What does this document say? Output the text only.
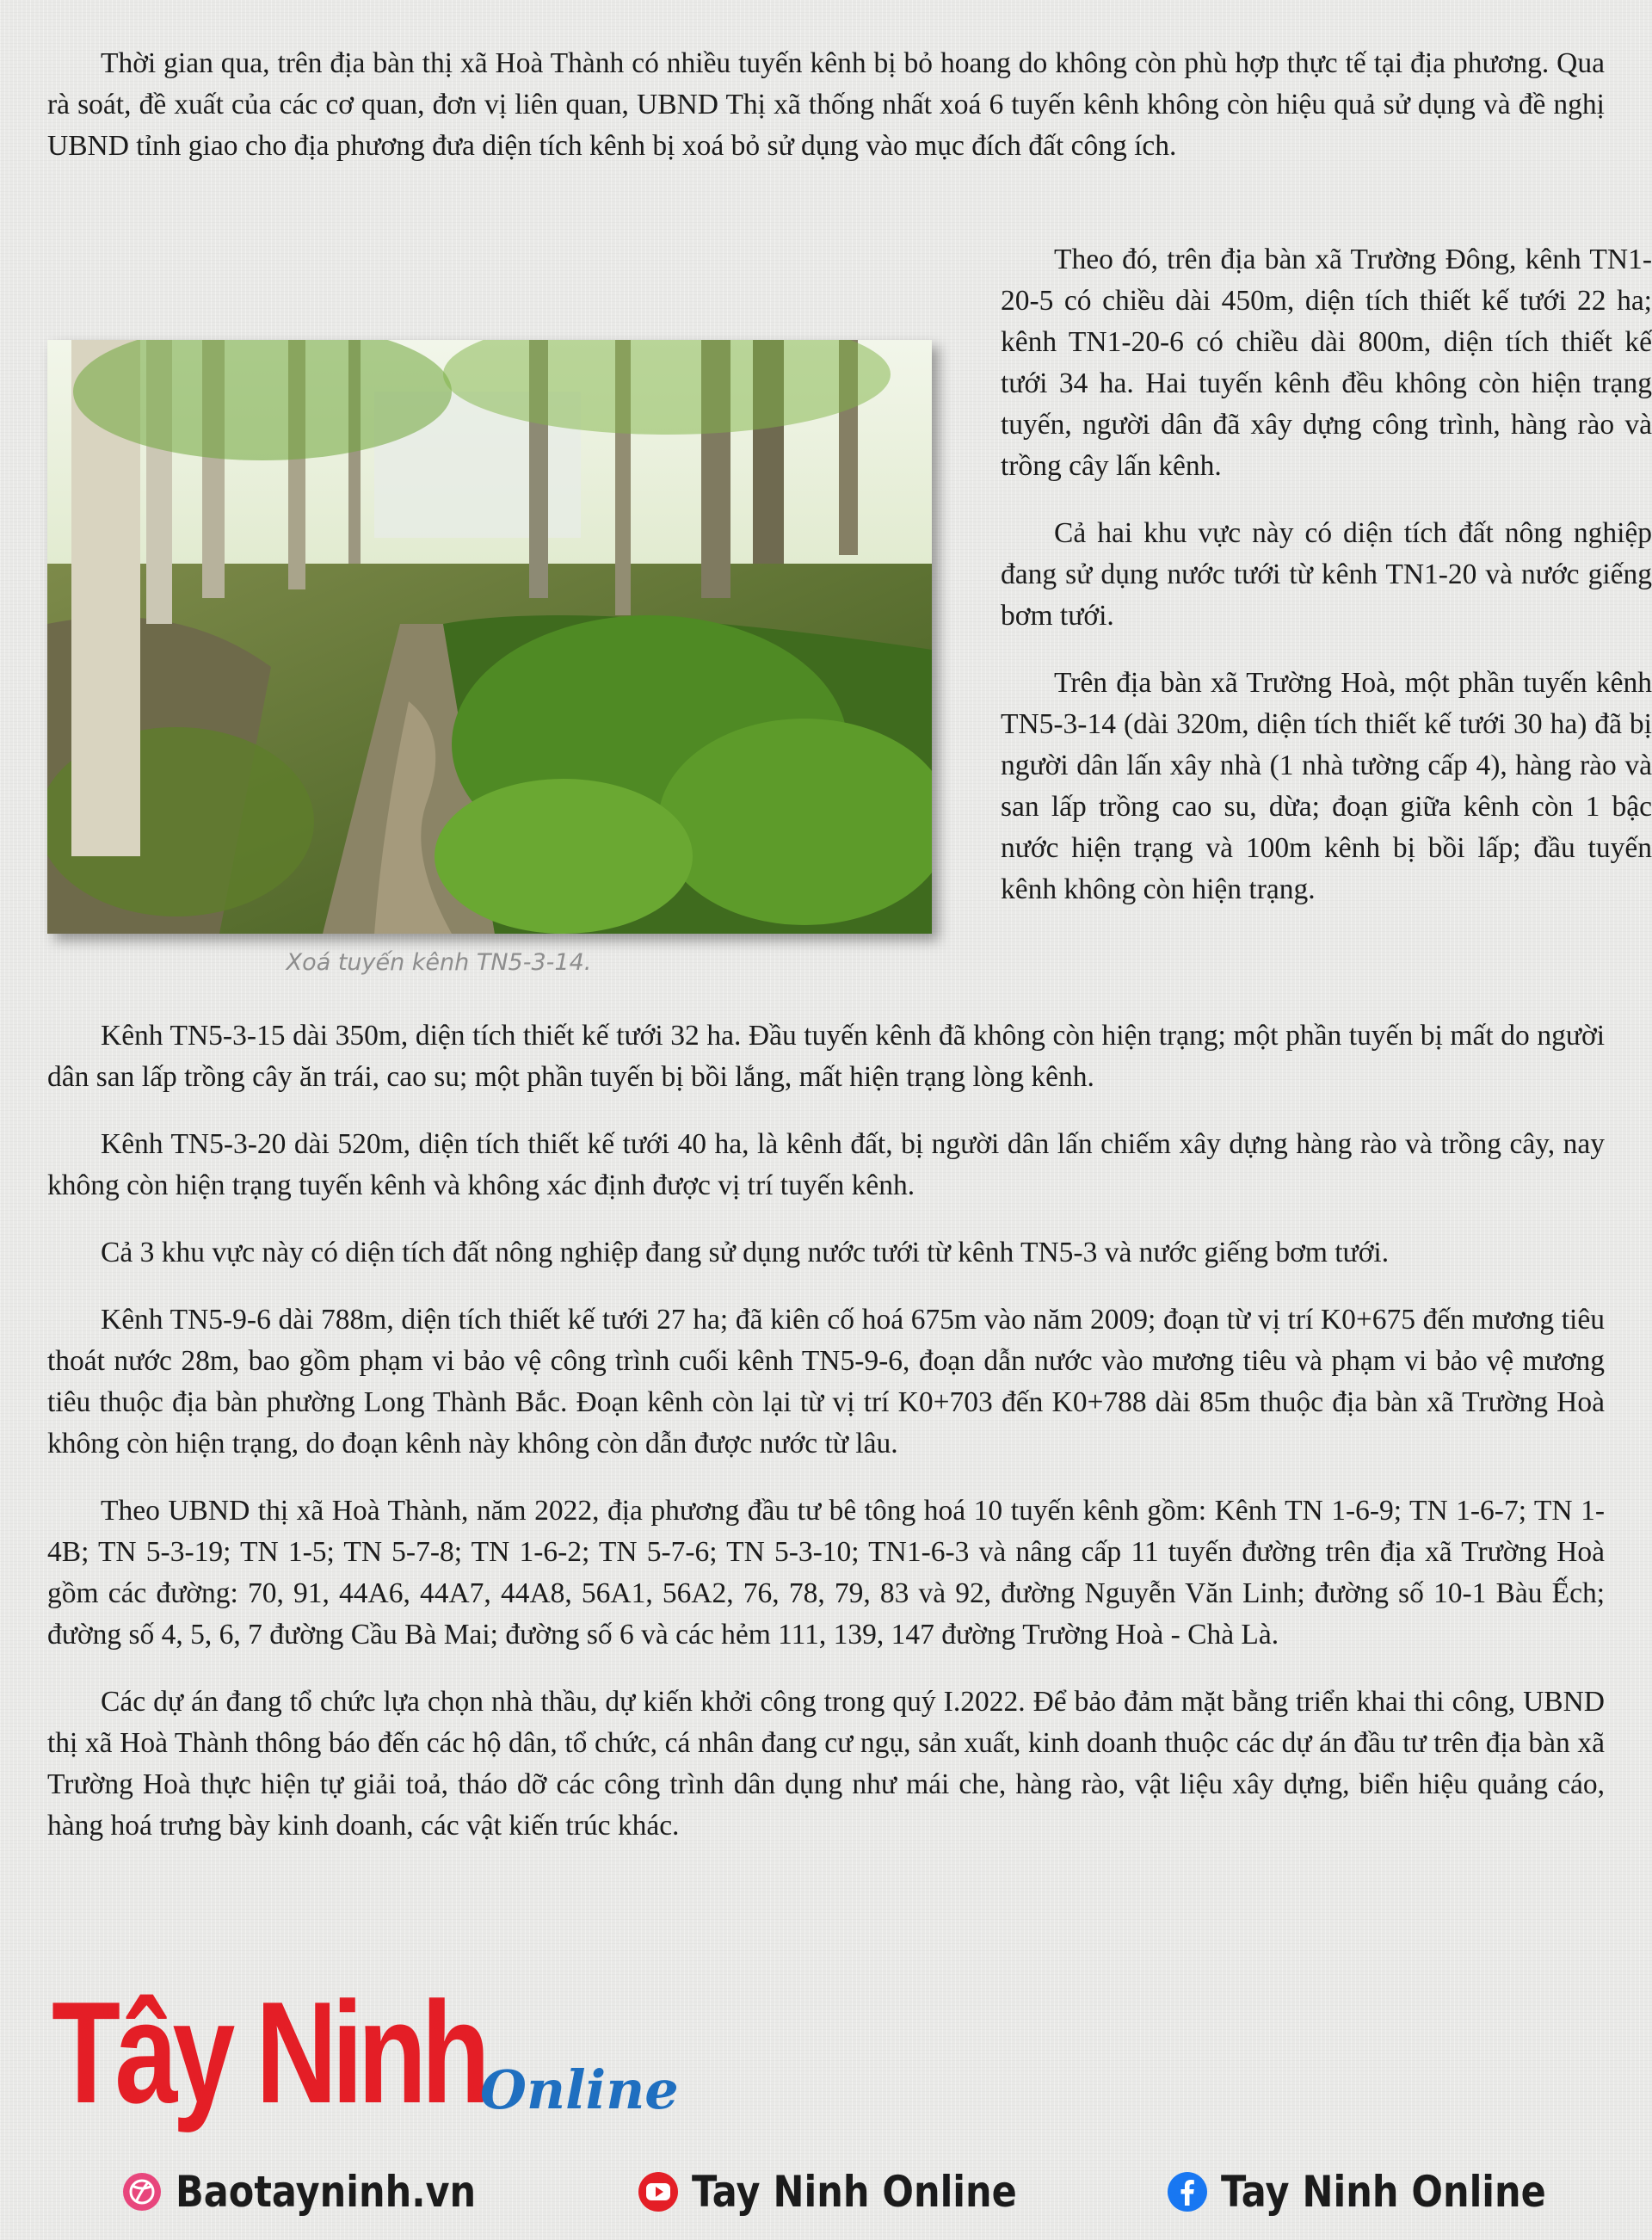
Thời gian qua, trên địa bàn thị xã Hoà Thành có nhiều tuyến kênh bị bỏ hoang do không còn phù hợp thực tế tại địa phương. Qua rà soát, đề xuất của các cơ quan, đơn vị liên quan, UBND Thị xã thống nhất xoá 6 tuyến kênh không còn hiệu quả sử dụng và đề nghị UBND tỉnh giao cho địa phương đưa diện tích kênh bị xoá bỏ sử dụng vào mục đích đất công ích.

Xoá tuyến kênh TN5-3-14.

Theo đó, trên địa bàn xã Trường Đông, kênh TN1-20-5 có chiều dài 450m, diện tích thiết kế tưới 22 ha; kênh TN1-20-6 có chiều dài 800m, diện tích thiết kế tưới 34 ha. Hai tuyến kênh đều không còn hiện trạng tuyến, người dân đã xây dựng công trình, hàng rào và trồng cây lấn kênh.

Cả hai khu vực này có diện tích đất nông nghiệp đang sử dụng nước tưới từ kênh TN1-20 và nước giếng bơm tưới.

Trên địa bàn xã Trường Hoà, một phần tuyến kênh TN5-3-14 (dài 320m, diện tích thiết kế tưới 30 ha) đã bị người dân lấn xây nhà (1 nhà tường cấp 4), hàng rào và san lấp trồng cao su, dừa; đoạn giữa kênh còn 1 bậc nước hiện trạng và 100m kênh bị bồi lấp; đầu tuyến kênh không còn hiện trạng.

Kênh TN5-3-15 dài 350m, diện tích thiết kế tưới 32 ha. Đầu tuyến kênh đã không còn hiện trạng; một phần tuyến bị mất do người dân san lấp trồng cây ăn trái, cao su; một phần tuyến bị bồi lắng, mất hiện trạng lòng kênh.

Kênh TN5-3-20 dài 520m, diện tích thiết kế tưới 40 ha, là kênh đất, bị người dân lấn chiếm xây dựng hàng rào và trồng cây, nay không còn hiện trạng tuyến kênh và không xác định được vị trí tuyến kênh.

Cả 3 khu vực này có diện tích đất nông nghiệp đang sử dụng nước tưới từ kênh TN5-3 và nước giếng bơm tưới.

Kênh TN5-9-6 dài 788m, diện tích thiết kế tưới 27 ha; đã kiên cố hoá 675m vào năm 2009; đoạn từ vị trí K0+675 đến mương tiêu thoát nước 28m, bao gồm phạm vi bảo vệ công trình cuối kênh TN5-9-6, đoạn dẫn nước vào mương tiêu và phạm vi bảo vệ mương tiêu thuộc địa bàn phường Long Thành Bắc. Đoạn kênh còn lại từ vị trí K0+703 đến K0+788 dài 85m thuộc địa bàn xã Trường Hoà không còn hiện trạng, do đoạn kênh này không còn dẫn được nước từ lâu.

Theo UBND thị xã Hoà Thành, năm 2022, địa phương đầu tư bê tông hoá 10 tuyến kênh gồm: Kênh TN 1-6-9; TN 1-6-7; TN 1-4B; TN 5-3-19; TN 1-5; TN 5-7-8; TN 1-6-2; TN 5-7-6; TN 5-3-10; TN1-6-3 và nâng cấp 11 tuyến đường trên địa xã Trường Hoà gồm các đường: 70, 91, 44A6, 44A7, 44A8, 56A1, 56A2, 76, 78, 79, 83 và 92, đường Nguyễn Văn Linh; đường số 10-1 Bàu Ếch; đường số 4, 5, 6, 7 đường Cầu Bà Mai; đường số 6 và các hẻm 111, 139, 147 đường Trường Hoà - Chà Là.

Các dự án đang tổ chức lựa chọn nhà thầu, dự kiến khởi công trong quý I.2022. Để bảo đảm mặt bằng triển khai thi công, UBND thị xã Hoà Thành thông báo đến các hộ dân, tổ chức, cá nhân đang cư ngụ, sản xuất, kinh doanh thuộc các dự án đầu tư trên địa bàn xã Trường Hoà thực hiện tự giải toả, tháo dỡ các công trình dân dụng như mái che, hàng rào, vật liệu xây dựng, biển hiệu quảng cáo, hàng hoá trưng bày kinh doanh, các vật kiến trúc khác.

Tây Ninh
Online
Baotayninh.vn	Tay Ninh Online	Tay Ninh Online
